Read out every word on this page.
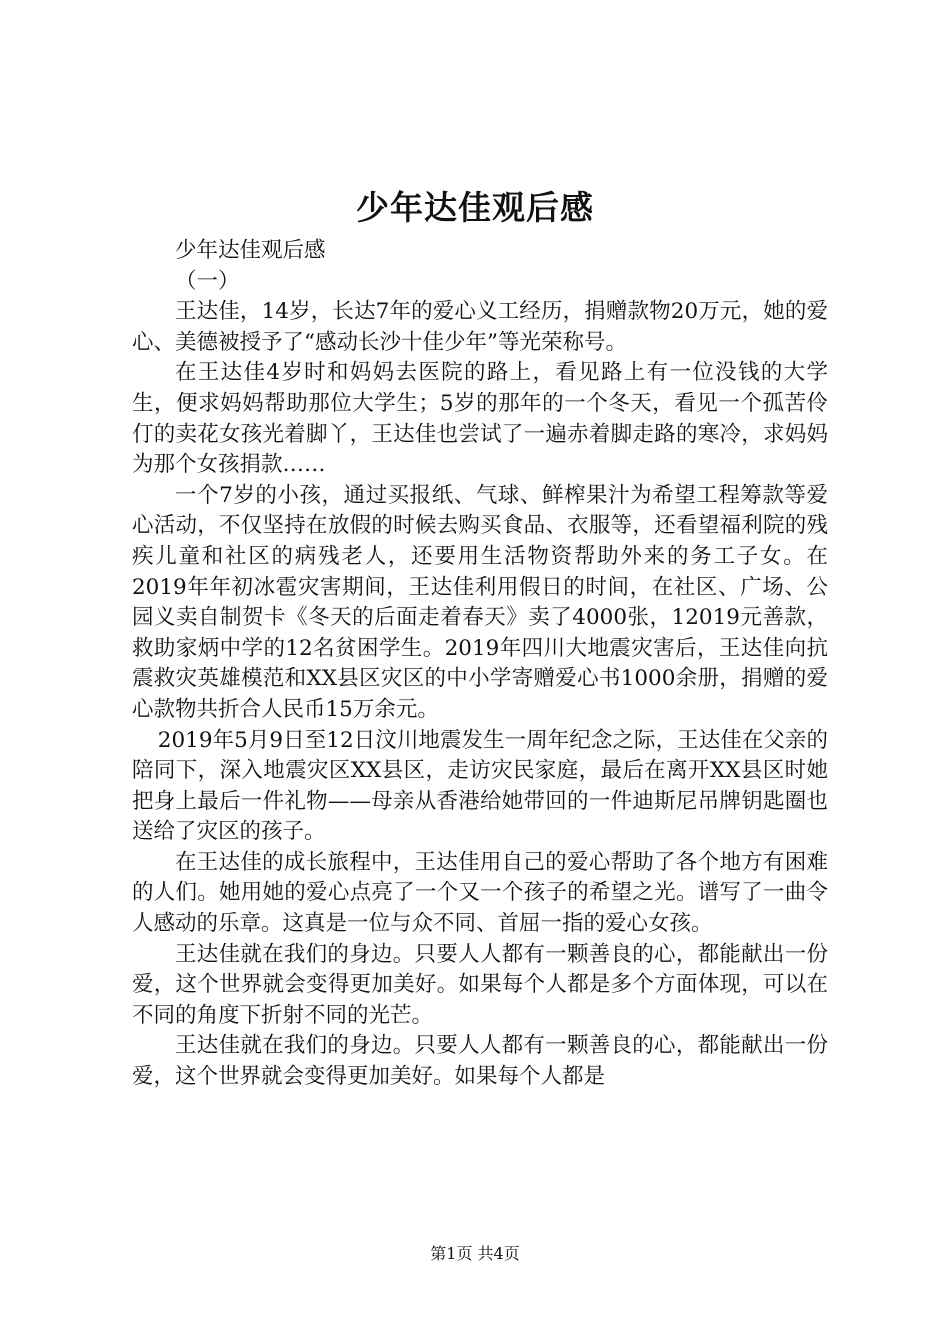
少年达佳观后感

少年达佳观后感

（一）

王达佳，14岁，长达7年的爱心义工经历，捐赠款物20万元，她的爱心、美德被授予了“感动长沙十佳少年”等光荣称号。

在王达佳4岁时和妈妈去医院的路上，看见路上有一位没钱的大学生，便求妈妈帮助那位大学生；5岁的那年的一个冬天，看见一个孤苦伶仃的卖花女孩光着脚丫，王达佳也尝试了一遍赤着脚走路的寒冷，求妈妈为那个女孩捐款……

一个7岁的小孩，通过买报纸、气球、鲜榨果汁为希望工程筹款等爱心活动，不仅坚持在放假的时候去购买食品、衣服等，还看望福利院的残疾儿童和社区的病残老人，还要用生活物资帮助外来的务工子女。在2019年年初冰雹灾害期间，王达佳利用假日的时间，在社区、广场、公园义卖自制贺卡《冬天的后面走着春天》卖了4000张，12019元善款，救助家炳中学的12名贫困学生。2019年四川大地震灾害后，王达佳向抗震救灾英雄模范和XX县区灾区的中小学寄赠爱心书1000余册，捐赠的爱心款物共折合人民币15万余元。

2019年5月9日至12日汶川地震发生一周年纪念之际，王达佳在父亲的陪同下，深入地震灾区XX县区，走访灾民家庭，最后在离开XX县区时她把身上最后一件礼物——母亲从香港给她带回的一件迪斯尼吊牌钥匙圈也送给了灾区的孩子。

在王达佳的成长旅程中，王达佳用自己的爱心帮助了各个地方有困难的人们。她用她的爱心点亮了一个又一个孩子的希望之光。谱写了一曲令人感动的乐章。这真是一位与众不同、首屈一指的爱心女孩。

王达佳就在我们的身边。只要人人都有一颗善良的心，都能献出一份爱，这个世界就会变得更加美好。如果每个人都是多个方面体现，可以在不同的角度下折射不同的光芒。

王达佳就在我们的身边。只要人人都有一颗善良的心，都能献出一份爱，这个世界就会变得更加美好。如果每个人都是

第1页 共4页
